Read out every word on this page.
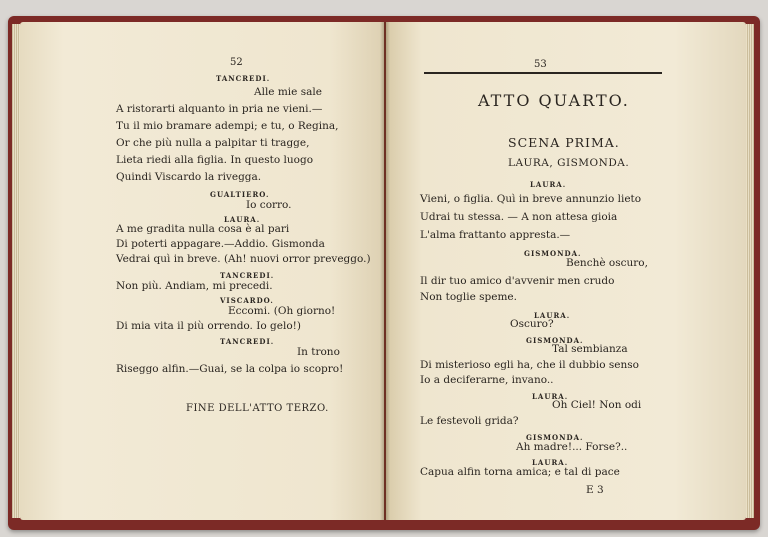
52
TANCREDI.
Alle mie sale
A ristorarti alquanto in pria ne vieni.—
Tu il mio bramare adempi; e tu, o Regina,
Or che più nulla a palpitar ti tragge,
Lieta riedi alla figlia. In questo luogo
Quindi Viscardo la rivegga.
GUALTIERO.
Io corro.
LAURA.
A me gradita nulla cosa è al pari
Di poterti appagare.—Addio. Gismonda
Vedrai quì in breve. (Ah! nuovi orror preveggo.)
TANCREDI.
Non più. Andiam, mi precedi.
VISCARDO.
Eccomi. (Oh giorno!
Di mia vita il più orrendo. Io gelo!)
TANCREDI.
In trono
Riseggo alfin.—Guai, se la colpa io scopro!
FINE DELL'ATTO TERZO.
53
ATTO QUARTO.
SCENA PRIMA.
LAURA, GISMONDA.
LAURA.
Vieni, o figlia. Quì in breve annunzio lieto
Udrai tu stessa. — A non attesa gioia
L'alma frattanto appresta.—
GISMONDA.
Benchè oscuro,
Il dir tuo amico d'avvenir men crudo
Non toglie speme.
LAURA.
Oscuro?
GISMONDA.
Tal sembianza
Di misterioso egli ha, che il dubbio senso
Io a deciferarne, invano..
LAURA.
Oh Ciel! Non odi
Le festevoli grida?
GISMONDA.
Ah madre!... Forse?..
LAURA.
Capua alfin torna amica; e tal di pace
E 3
